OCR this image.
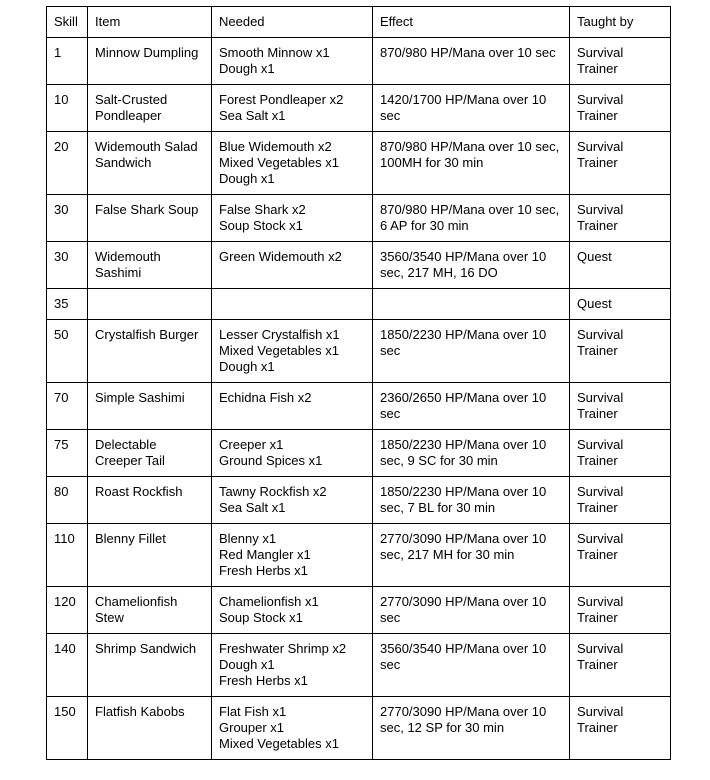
Skill	Item	Needed	Effect	Taught by
1	Minnow Dumpling	Smooth Minnow x1
Dough x1	870/980 HP/Mana over 10 sec	Survival Trainer
10	Salt-Crusted
Pondleaper	Forest Pondleaper x2
Sea Salt x1	1420/1700 HP/Mana over 10
sec	Survival Trainer
20	Widemouth Salad
Sandwich	Blue Widemouth x2
Mixed Vegetables x1
Dough x1	870/980 HP/Mana over 10 sec,
100MH for 30 min	Survival Trainer
30	False Shark Soup	False Shark x2
Soup Stock x1	870/980 HP/Mana over 10 sec,
6 AP for 30 min	Survival Trainer
30	Widemouth
Sashimi	Green Widemouth x2	3560/3540 HP/Mana over 10
sec, 217 MH, 16 DO	Quest
35				Quest
50	Crystalfish Burger	Lesser Crystalfish x1
Mixed Vegetables x1
Dough x1	1850/2230 HP/Mana over 10
sec	Survival Trainer
70	Simple Sashimi	Echidna Fish x2	2360/2650 HP/Mana over 10
sec	Survival Trainer
75	Delectable
Creeper Tail	Creeper x1
Ground Spices x1	1850/2230 HP/Mana over 10
sec, 9 SC for 30 min	Survival Trainer
80	Roast Rockfish	Tawny Rockfish x2
Sea Salt x1	1850/2230 HP/Mana over 10
sec, 7 BL for 30 min	Survival Trainer
110	Blenny Fillet	Blenny x1
Red Mangler x1
Fresh Herbs x1	2770/3090 HP/Mana over 10
sec, 217 MH for 30 min	Survival Trainer
120	Chamelionfish
Stew	Chamelionfish x1
Soup Stock x1	2770/3090 HP/Mana over 10
sec	Survival Trainer
140	Shrimp Sandwich	Freshwater Shrimp x2
Dough x1
Fresh Herbs x1	3560/3540 HP/Mana over 10
sec	Survival Trainer
150	Flatfish Kabobs	Flat Fish x1
Grouper x1
Mixed Vegetables x1	2770/3090 HP/Mana over 10
sec, 12 SP for 30 min	Survival Trainer
